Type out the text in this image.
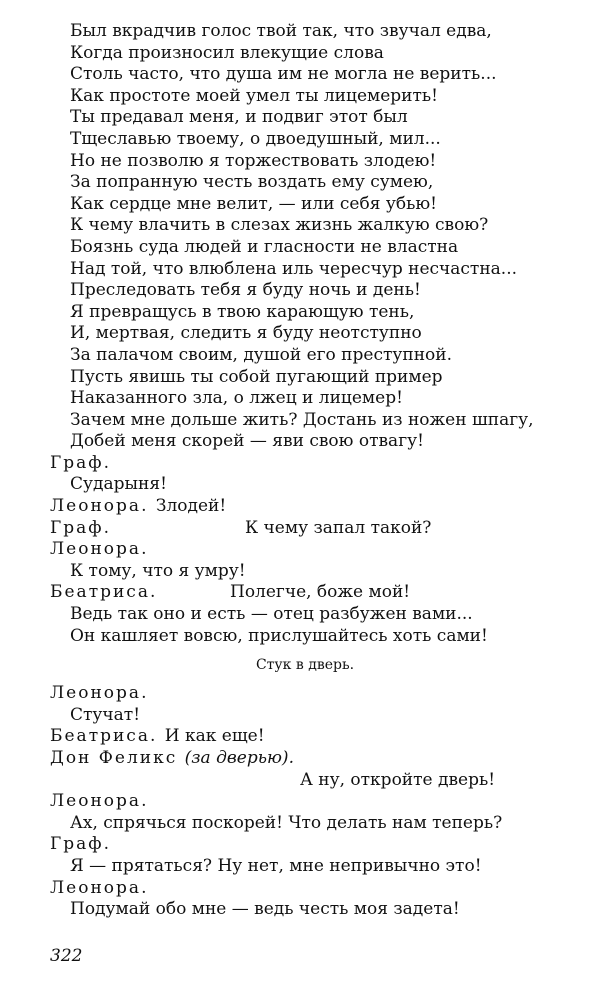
Был вкрадчив голос твой так, что звучал едва,
Когда произносил влекущие слова
Столь часто, что душа им не могла не верить...
Как простоте моей умел ты лицемерить!
Ты предавал меня, и подвиг этот был
Тщеславью твоему, о двоедушный, мил...
Но не позволю я торжествовать злодею!
За попранную честь воздать ему сумею,
Как сердце мне велит, — или себя убью!
К чему влачить в слезах жизнь жалкую свою?
Боязнь суда людей и гласности не властна
Над той, что влюблена иль чересчур несчастна...
Преследовать тебя я буду ночь и день!
Я превращусь в твою карающую тень,
И, мертвая, следить я буду неотступно
За палачом своим, душой его преступной.
Пусть явишь ты собой пугающий пример
Наказанного зла, о лжец и лицемер!
Зачем мне дольше жить? Достань из ножен шпагу,
Добей меня скорей — яви свою отвагу!
Граф.
Сударыня!
Леонора. Злодей!
Граф.	К чему запал такой?
Леонора.
К тому, что я умру!
Беатриса.	Полегче, боже мой!
Ведь так оно и есть — отец разбужен вами...
Он кашляет вовсю, прислушайтесь хоть сами!
Стук в дверь.
Леонора.
Стучат!
Беатриса. И как еще!
Дон Феликс (за дверью).
А ну, откройте дверь!
Леонора.
Ах, спрячься поскорей! Что делать нам теперь?
Граф.
Я — прятаться? Ну нет, мне непривычно это!
Леонора.
Подумай обо мне — ведь честь моя задета!
322
